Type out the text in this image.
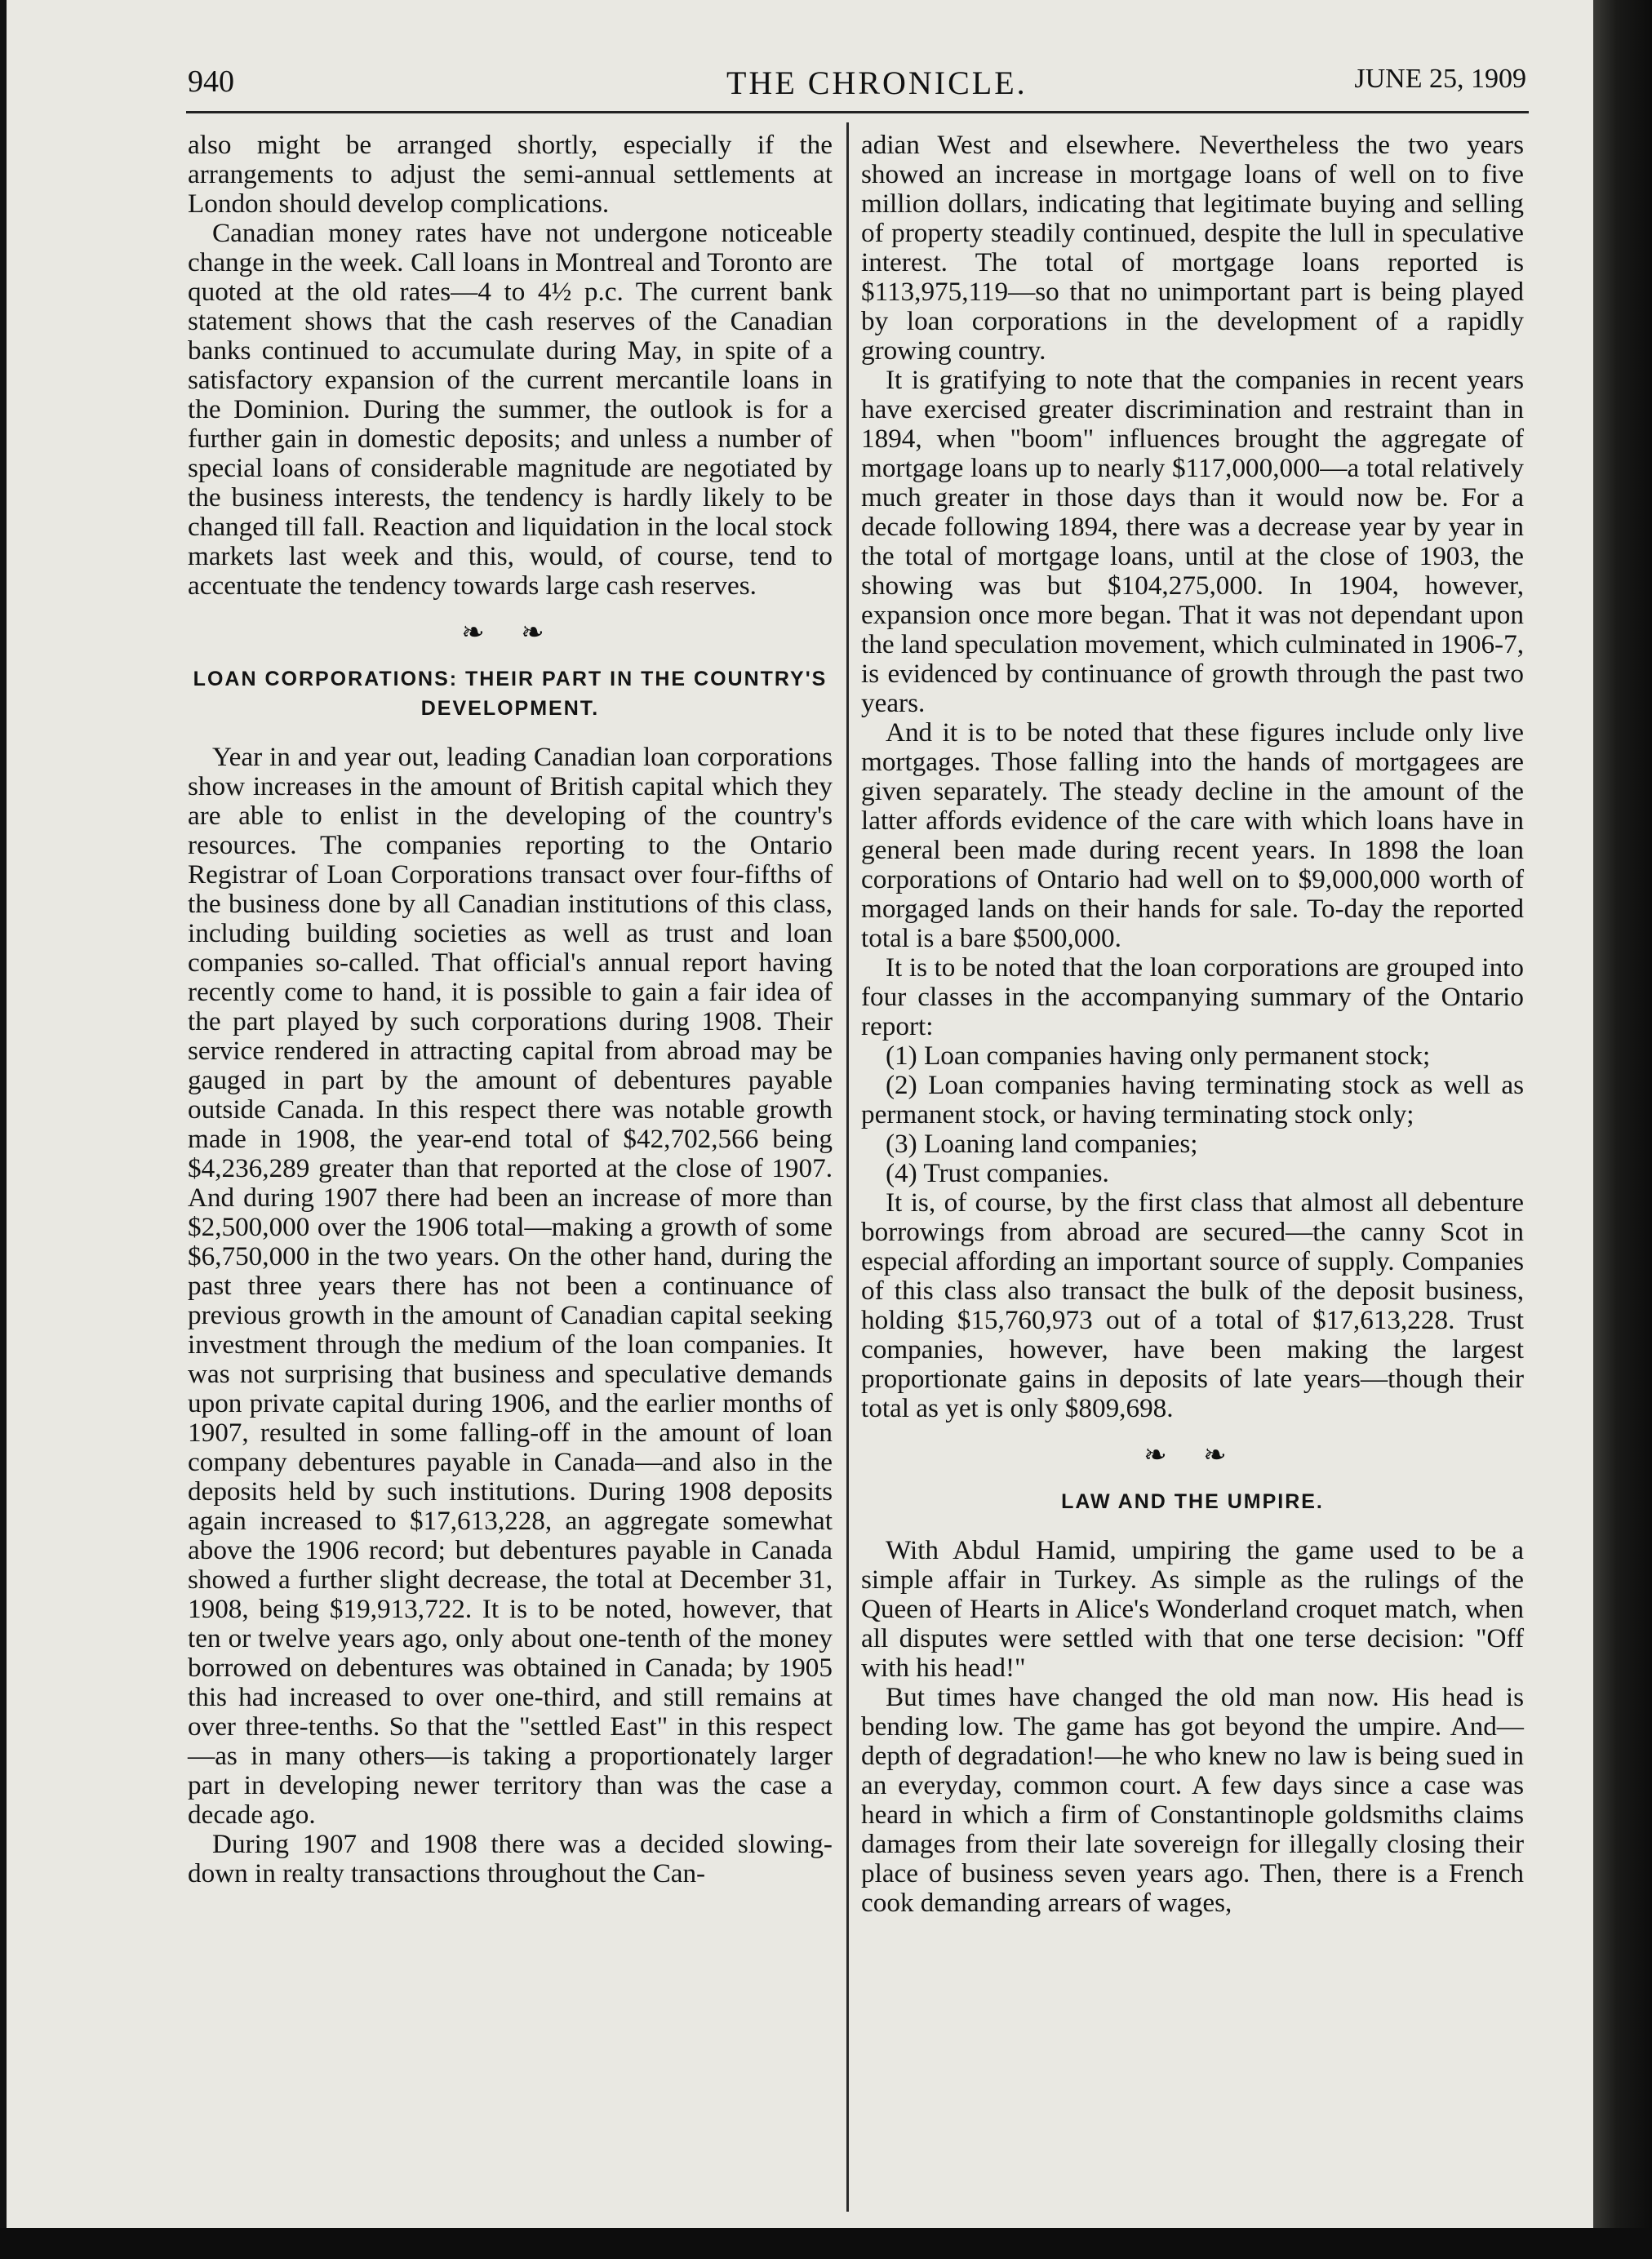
940	THE CHRONICLE.	JUNE 25, 1909

also might be arranged shortly, especially if the arrangements to adjust the semi-annual settlements at London should develop complications.

Canadian money rates have not undergone noticeable change in the week. Call loans in Montreal and Toronto are quoted at the old rates—4 to 4½ p.c. The current bank statement shows that the cash reserves of the Canadian banks continued to accumulate during May, in spite of a satisfactory expansion of the current mercantile loans in the Dominion. During the summer, the outlook is for a further gain in domestic deposits; and unless a number of special loans of considerable magnitude are negotiated by the business interests, the tendency is hardly likely to be changed till fall. Reaction and liquidation in the local stock markets last week and this, would, of course, tend to accentuate the tendency towards large cash reserves.

❧ ❧
LOAN CORPORATIONS: THEIR PART IN THE COUNTRY'S DEVELOPMENT.

Year in and year out, leading Canadian loan corporations show increases in the amount of British capital which they are able to enlist in the developing of the country's resources. The companies reporting to the Ontario Registrar of Loan Corporations transact over four-fifths of the business done by all Canadian institutions of this class, including building societies as well as trust and loan companies so-called. That official's annual report having recently come to hand, it is possible to gain a fair idea of the part played by such corporations during 1908. Their service rendered in attracting capital from abroad may be gauged in part by the amount of debentures payable outside Canada. In this respect there was notable growth made in 1908, the year-end total of $42,702,566 being $4,236,289 greater than that reported at the close of 1907. And during 1907 there had been an increase of more than $2,500,000 over the 1906 total—making a growth of some $6,750,000 in the two years. On the other hand, during the past three years there has not been a continuance of previous growth in the amount of Canadian capital seeking investment through the medium of the loan companies. It was not surprising that business and speculative demands upon private capital during 1906, and the earlier months of 1907, resulted in some falling-off in the amount of loan company debentures payable in Canada—and also in the deposits held by such institutions. During 1908 deposits again increased to $17,613,228, an aggregate somewhat above the 1906 record; but debentures payable in Canada showed a further slight decrease, the total at December 31, 1908, being $19,913,722. It is to be noted, however, that ten or twelve years ago, only about one-tenth of the money borrowed on debentures was obtained in Canada; by 1905 this had increased to over one-third, and still remains at over three-tenths. So that the "settled East" in this respect—as in many others—is taking a proportionately larger part in developing newer territory than was the case a decade ago.

During 1907 and 1908 there was a decided slowing-down in realty transactions throughout the Can-

adian West and elsewhere. Nevertheless the two years showed an increase in mortgage loans of well on to five million dollars, indicating that legitimate buying and selling of property steadily continued, despite the lull in speculative interest. The total of mortgage loans reported is $113,975,119—so that no unimportant part is being played by loan corporations in the development of a rapidly growing country.

It is gratifying to note that the companies in recent years have exercised greater discrimination and restraint than in 1894, when "boom" influences brought the aggregate of mortgage loans up to nearly $117,000,000—a total relatively much greater in those days than it would now be. For a decade following 1894, there was a decrease year by year in the total of mortgage loans, until at the close of 1903, the showing was but $104,275,000. In 1904, however, expansion once more began. That it was not dependant upon the land speculation movement, which culminated in 1906-7, is evidenced by continuance of growth through the past two years.

And it is to be noted that these figures include only live mortgages. Those falling into the hands of mortgagees are given separately. The steady decline in the amount of the latter affords evidence of the care with which loans have in general been made during recent years. In 1898 the loan corporations of Ontario had well on to $9,000,000 worth of morgaged lands on their hands for sale. To-day the reported total is a bare $500,000.

It is to be noted that the loan corporations are grouped into four classes in the accompanying summary of the Ontario report:

(1) Loan companies having only permanent stock;

(2) Loan companies having terminating stock as well as permanent stock, or having terminating stock only;

(3) Loaning land companies;

(4) Trust companies.

It is, of course, by the first class that almost all debenture borrowings from abroad are secured—the canny Scot in especial affording an important source of supply. Companies of this class also transact the bulk of the deposit business, holding $15,760,973 out of a total of $17,613,228. Trust companies, however, have been making the largest proportionate gains in deposits of late years—though their total as yet is only $809,698.

❧ ❧
LAW AND THE UMPIRE.

With Abdul Hamid, umpiring the game used to be a simple affair in Turkey. As simple as the rulings of the Queen of Hearts in Alice's Wonderland croquet match, when all disputes were settled with that one terse decision: "Off with his head!"

But times have changed the old man now. His head is bending low. The game has got beyond the umpire. And—depth of degradation!—he who knew no law is being sued in an everyday, common court. A few days since a case was heard in which a firm of Constantinople goldsmiths claims damages from their late sovereign for illegally closing their place of business seven years ago. Then, there is a French cook demanding arrears of wages,
